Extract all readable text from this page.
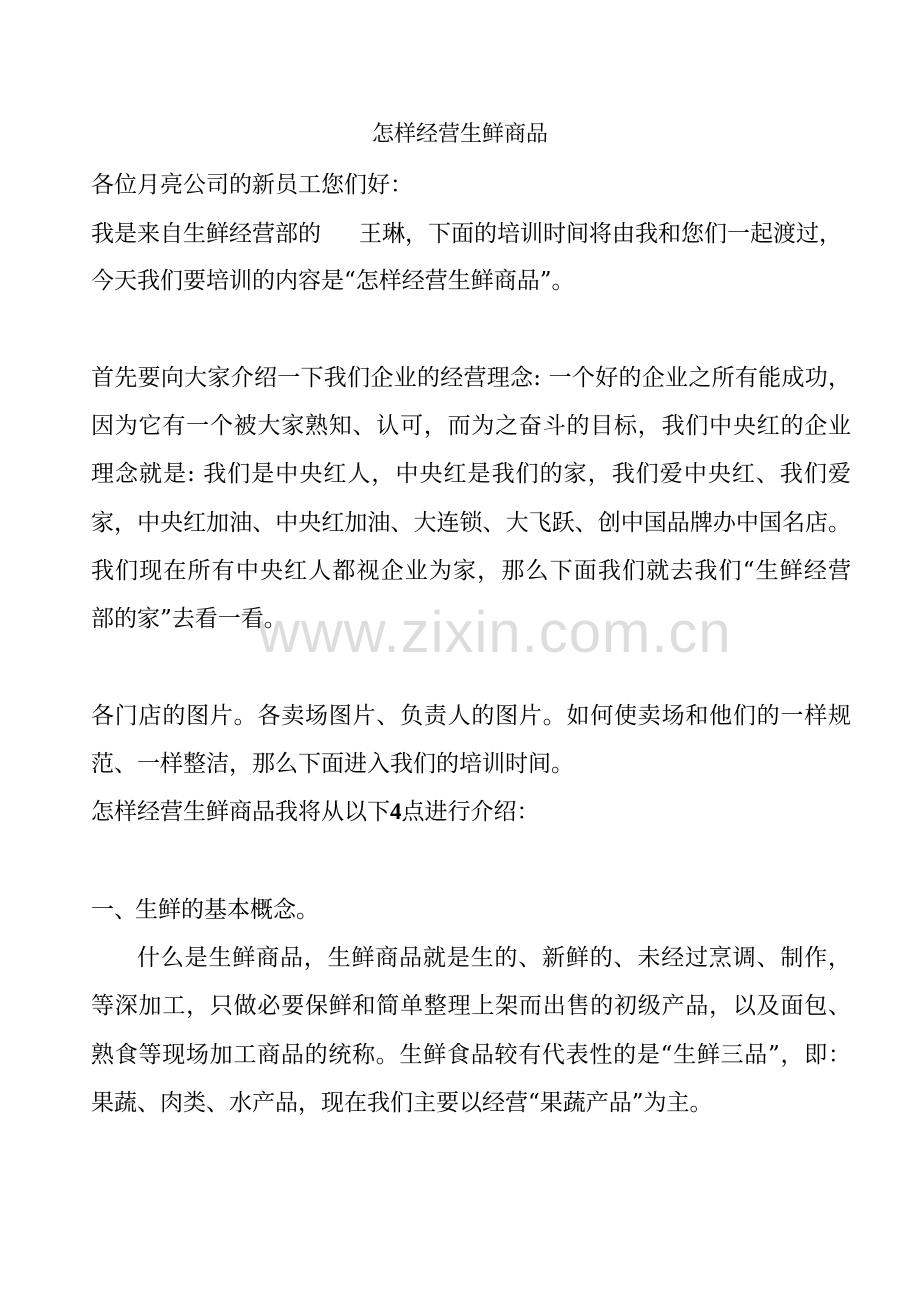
怎样经营生鲜商品
各位月亮公司的新员工您们好：
我是来自生鲜经营部的 王琳，下面的培训时间将由我和您们一起渡过，
今天我们要培训的内容是“怎样经营生鲜商品”。
首先要向大家介绍一下我们企业的经营理念: 一个好的企业之所有能成功，
因为它有一个被大家熟知、认可，而为之奋斗的目标，我们中央红的企业
理念就是: 我们是中央红人，中央红是我们的家，我们爱中央红、我们爱
家，中央红加油、中央红加油、大连锁、大飞跃、创中国品牌办中国名店。
我们现在所有中央红人都视企业为家，那么下面我们就去我们“生鲜经营
部的家”去看一看。
各门店的图片。各卖场图片、负责人的图片。如何使卖场和他们的一样规
范、一样整洁，那么下面进入我们的培训时间。
怎样经营生鲜商品我将从以下4点进行介绍：
一、生鲜的基本概念。
什么是生鲜商品，生鲜商品就是生的、新鲜的、未经过烹调、制作，
等深加工，只做必要保鲜和简单整理上架而出售的初级产品，以及面包、
熟食等现场加工商品的统称。生鲜食品较有代表性的是“生鲜三品”，即：
果蔬、肉类、水产品，现在我们主要以经营“果蔬产品”为主。
www.zixin.com.cn
